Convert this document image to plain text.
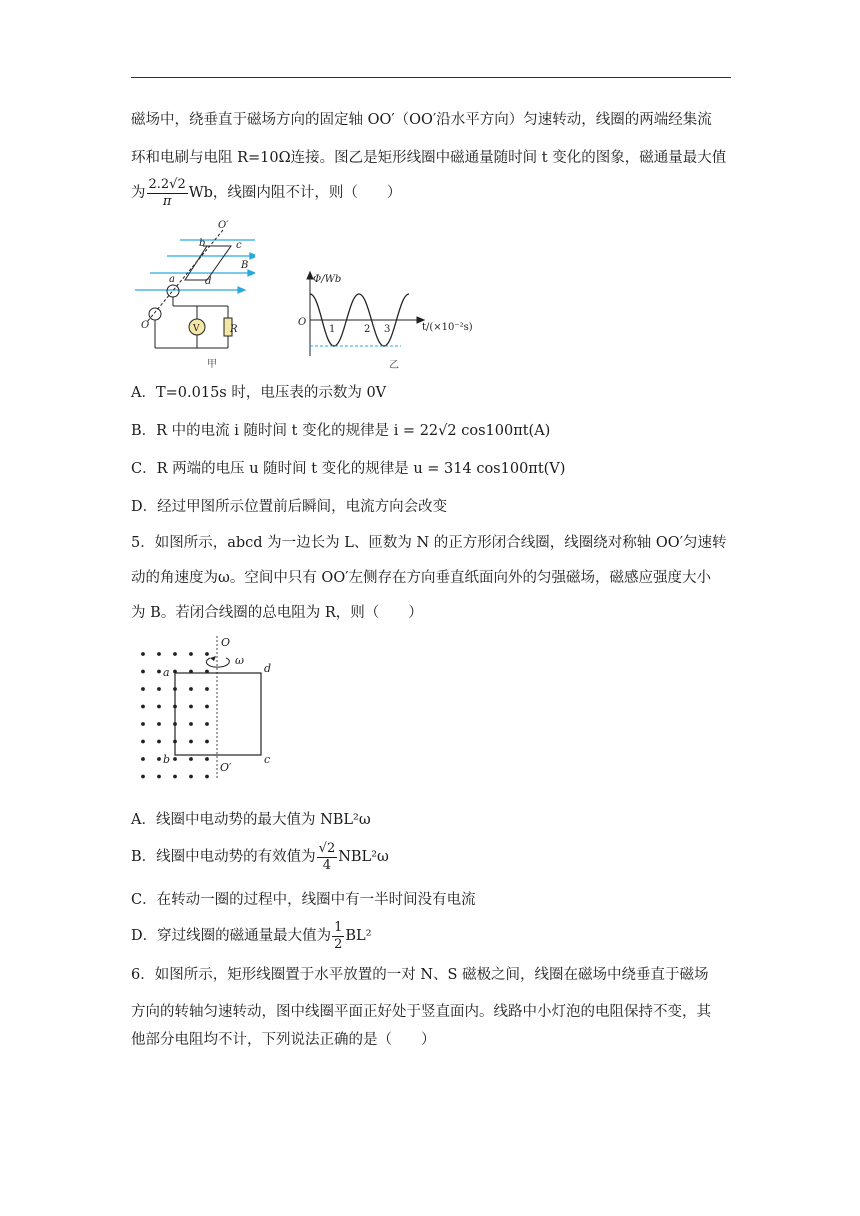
磁场中，绕垂直于磁场方向的固定轴 OO′（OO′沿水平方向）匀速转动，线圈的两端经集流
环和电刷与电阻 R=10Ω连接。图乙是矩形线圈中磁通量随时间 t 变化的图象，磁通量最大值
为 $\frac{2.2√2}{\pi}$ Wb，线圈内阻不计，则（　　）
O′
b	c
B
a	d
O	R
V
甲
Φ/Wb
O
1	2 3	t/(×10⁻²s)
乙
A．T=0.015s 时，电压表的示数为 0V
B．R 中的电流 i 随时间 t 变化的规律是 i = 22√2 cos100πt(A)
C．R 两端的电压 u 随时间 t 变化的规律是 u = 314 cos100πt(V)
D．经过甲图所示位置前后瞬间，电流方向会改变
5．如图所示，abcd 为一边长为 L、匝数为 N 的正方形闭合线圈，线圈绕对称轴 OO′匀速转
动的角速度为ω。空间中只有 OO′左侧存在方向垂直纸面向外的匀强磁场，磁感应强度大小
为 B。若闭合线圈的总电阻为 R，则（　　）
O
ω
a	d
b
O′
c
A．线圈中电动势的最大值为 NBL²ω
B．线圈中电动势的有效值为 $\frac{√2}{4} NBL^2\omega$
C．在转动一圈的过程中，线圈中有一半时间没有电流
D．穿过线圈的磁通量最大值为 $\frac{1}{2} BL^2$
6．如图所示，矩形线圈置于水平放置的一对 N、S 磁极之间，线圈在磁场中绕垂直于磁场
方向的转轴匀速转动，图中线圈平面正好处于竖直面内。线路中小灯泡的电阻保持不变，其
他部分电阻均不计，下列说法正确的是（　　）
